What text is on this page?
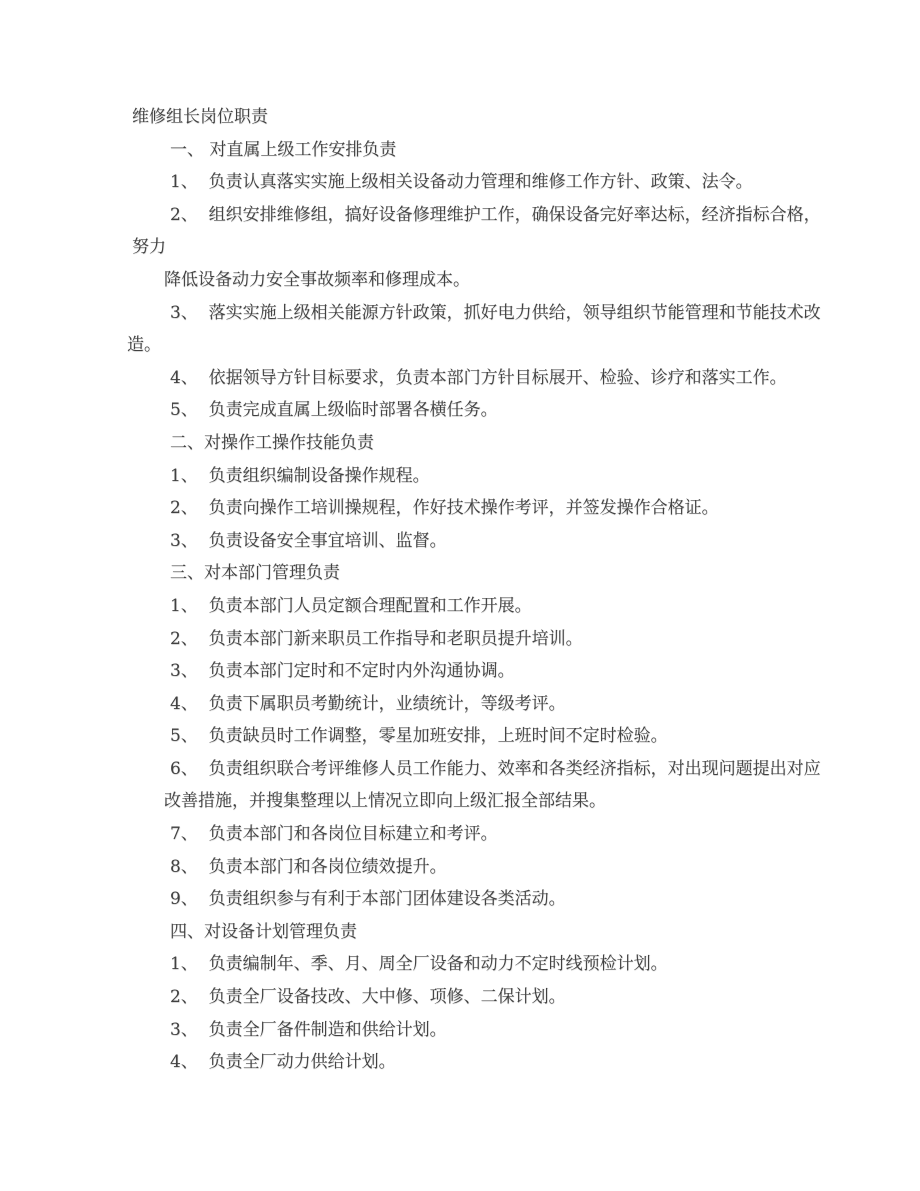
维修组长岗位职责
一、 对直属上级工作安排负责
1、  负责认真落实实施上级相关设备动力管理和维修工作方针、政策、法令。
2、  组织安排维修组，搞好设备修理维护工作，确保设备完好率达标，经济指标合格，
努力
降低设备动力安全事故频率和修理成本。
3、  落实实施上级相关能源方针政策，抓好电力供给，领导组织节能管理和节能技术改
造。
4、  依据领导方针目标要求，负责本部门方针目标展开、检验、诊疗和落实工作。
5、  负责完成直属上级临时部署各横任务。
二、对操作工操作技能负责
1、  负责组织编制设备操作规程。
2、  负责向操作工培训操规程，作好技术操作考评，并签发操作合格证。
3、  负责设备安全事宜培训、监督。
三、对本部门管理负责
1、  负责本部门人员定额合理配置和工作开展。
2、  负责本部门新来职员工作指导和老职员提升培训。
3、  负责本部门定时和不定时内外沟通协调。
4、  负责下属职员考勤统计，业绩统计，等级考评。
5、  负责缺员时工作调整，零星加班安排，上班时间不定时检验。
6、  负责组织联合考评维修人员工作能力、效率和各类经济指标，对出现问题提出对应
改善措施，并搜集整理以上情况立即向上级汇报全部结果。
7、  负责本部门和各岗位目标建立和考评。
8、  负责本部门和各岗位绩效提升。
9、  负责组织参与有利于本部门团体建设各类活动。
四、对设备计划管理负责
1、  负责编制年、季、月、周全厂设备和动力不定时线预检计划。
2、  负责全厂设备技改、大中修、项修、二保计划。
3、  负责全厂备件制造和供给计划。
4、  负责全厂动力供给计划。
